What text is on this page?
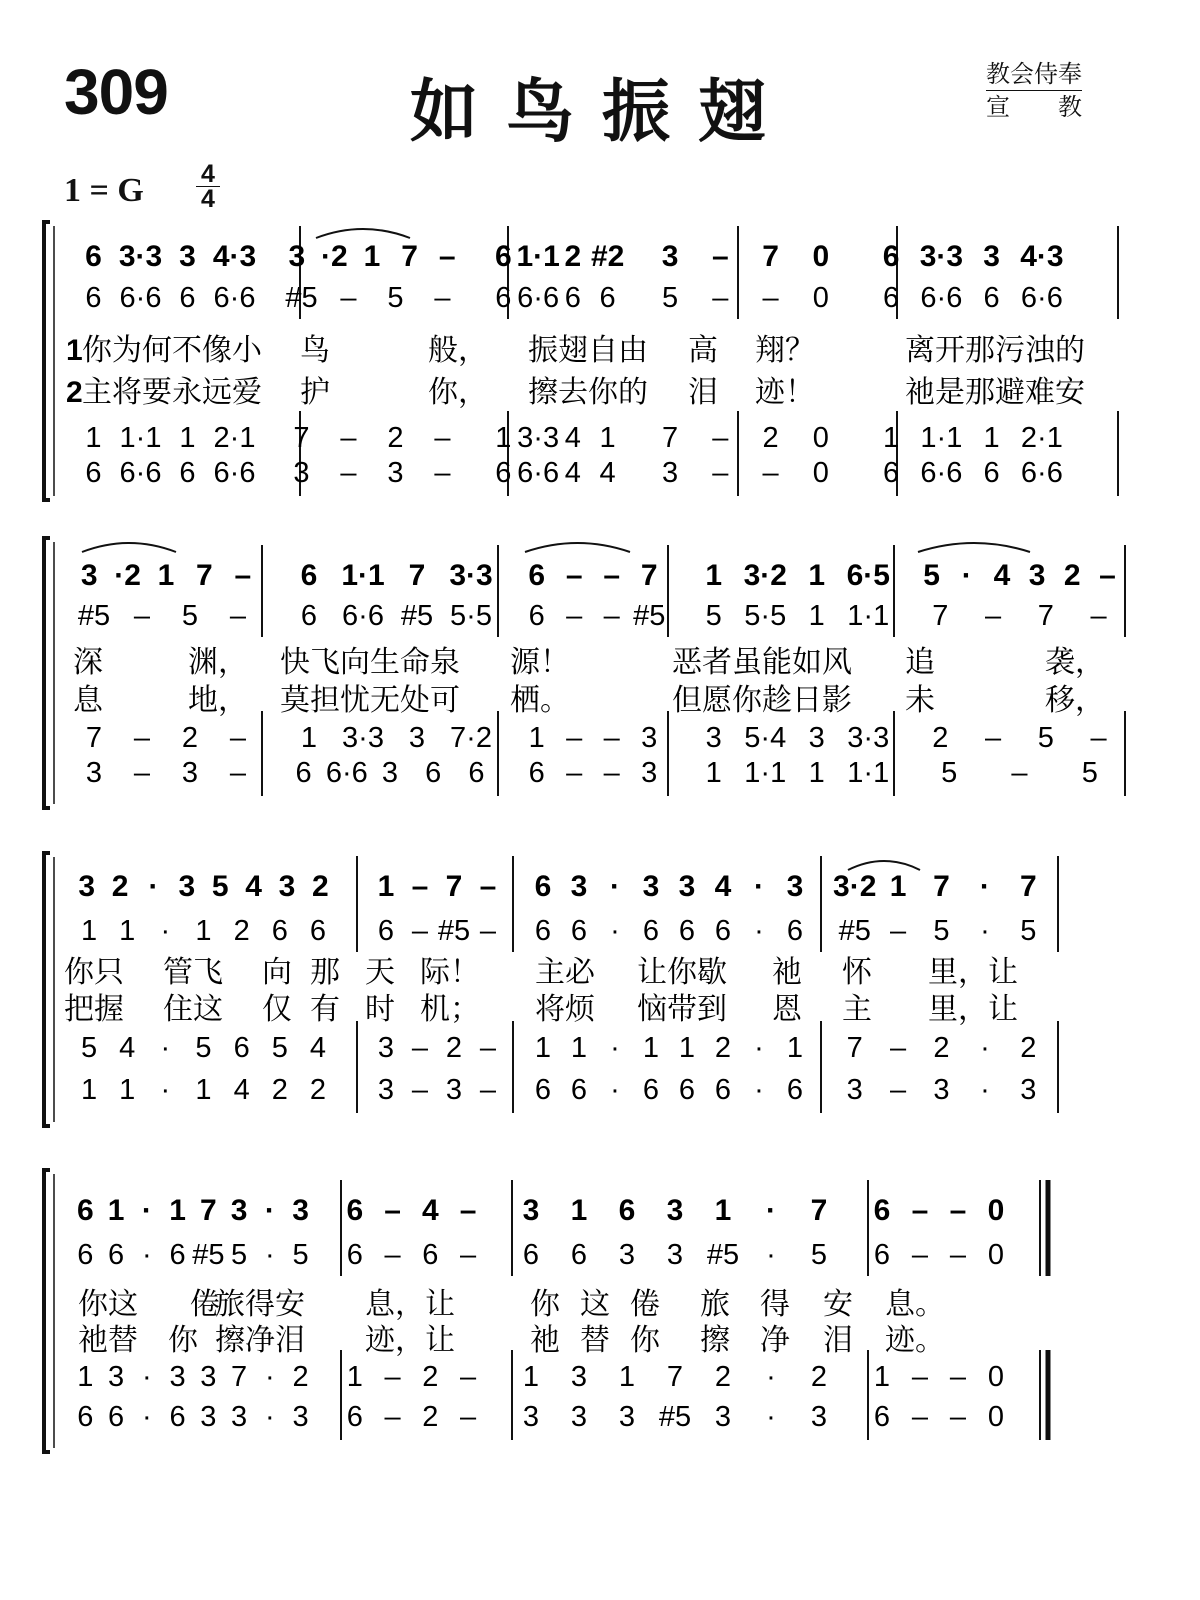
309	如鸟振翅	教会侍奉
宣教
1 = G 4
4
6 3·3 3 4·3
6 6·6 6 6·6
1 1·1 1 2·1
6 6·6 6 6·6
3 ·2 1 7 –
#5 – 5 –
7 – 2 –
3 – 3 –
6 1·1 2 #2
6 6·6 6 6
1 3·3 4 1
6 6·6 4 4
3 – 7 0
5 – – 0
7 – 2 0
3 – – 0
6 3·3 3 4·3
6 6·6 6 6·6
1 1·1 1 2·1
6 6·6 6 6·6
1 你为何不像小 鸟	般， 振翅自由 高 翔？	离开那污浊的
2 主将要永远爱 护	你， 擦去你的 泪 迹！	祂是那避难安
3 ·2 1 7 –
#5 – 5 –
7 – 2 –
3 – 3 –
6 1·1 7 3·3
6 6·6 #5 5·5
1 3·3 3 7·2
6 6·6 3 6 6
6 – – 7
6 – – #5
1 – – 3
6 – – 3
1 3·2 1 6·5
5 5·5 1 1·1
3 5·4 3 3·3
1 1·1 1 1·1
5 · 4 3 2 –
7 – 7 –
2 – 5 –
5 – 5
深	渊， 快飞向生命泉 源！	恶者虽能如风 追	袭，
息	地， 莫担忧无处可 栖。	但愿你趁日影 未	移，
3 2 · 3 5 4 3 2
1 1 · 1 2 6 6
5 4 · 5 6 5 4
1 1 · 1 4 2 2
1 – 7 –
6 – #5 –
3 – 2 –
3 – 3 –
6 3 · 3 3 4 · 3
6 6 · 6 6 6 · 6
1 1 · 1 1 2 · 1
6 6 · 6 6 6 · 6
3·2 1 7 · 7
#5 – 5 · 5
7 – 2 · 2
3 – 3 · 3
你只 管飞 向 那 天 际！ 主必 让你歇 祂 怀 里，让
把握 住这 仅 有 时 机； 将烦 恼带到 恩 主 里，让
6 1 · 1 7 3 · 3
6 6 · 6 #5 5 · 5
1 3 · 3 3 7 · 2
6 6 · 6 3 3 · 3
6 – 4 –
6 – 6 –
1 – 2 –
6 – 2 –
3 1 6 3 1 · 7
6 6 3 3 #5 · 5
1 3 1 7 2 · 2
3 3 3 #5 3 · 3
6 – – 0
6 – – 0
1 – – 0
6 – – 0
你这 倦
旅得安 息，让	你 这 倦 旅 得 安 息。
祂替 你 擦净泪 迹，让	祂 替 你 擦 净 泪 迹。
